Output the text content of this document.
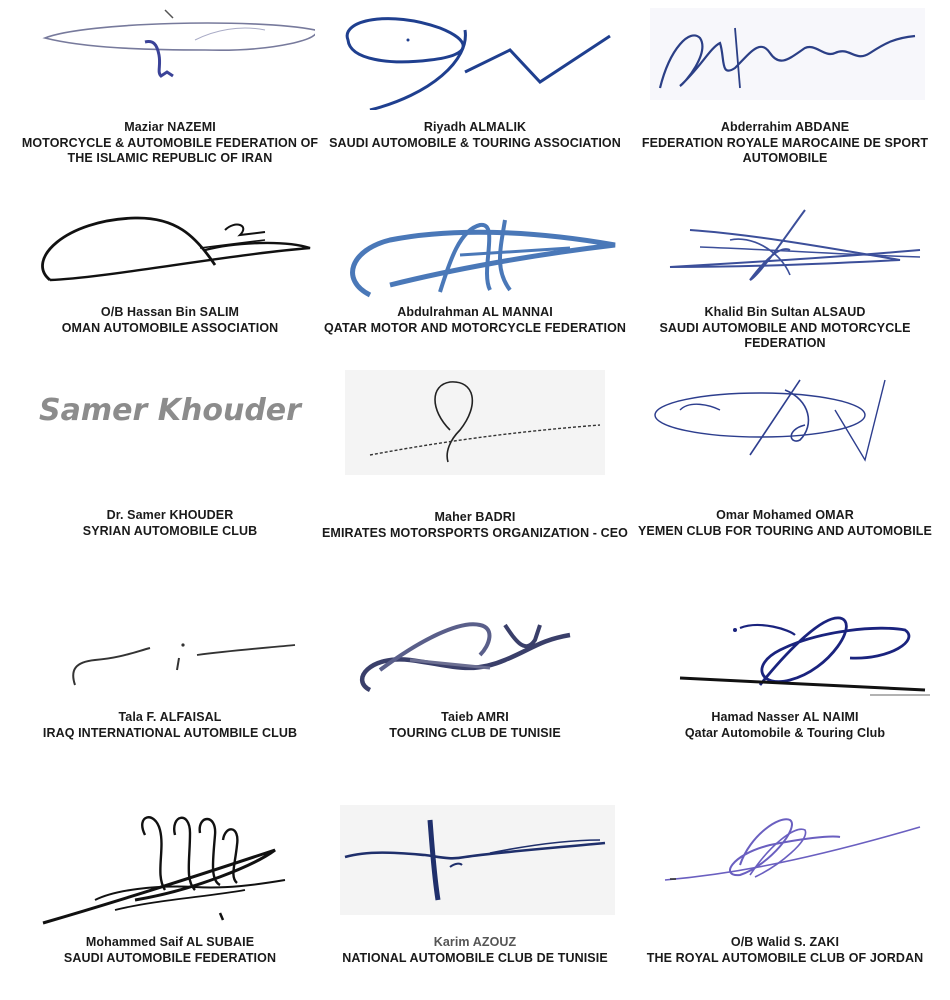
Maziar NAZEMI
MOTORCYCLE & AUTOMOBILE FEDERATION OF THE ISLAMIC REPUBLIC OF IRAN
Riyadh ALMALIK
SAUDI AUTOMOBILE & TOURING ASSOCIATION
Abderrahim ABDANE
FEDERATION ROYALE MAROCAINE DE SPORT AUTOMOBILE
O/B Hassan Bin SALIM
OMAN AUTOMOBILE ASSOCIATION
Abdulrahman AL MANNAI
QATAR MOTOR AND MOTORCYCLE FEDERATION
Khalid Bin Sultan ALSAUD
SAUDI AUTOMOBILE AND MOTORCYCLE FEDERATION
Samer Khouder
Dr. Samer KHOUDER
SYRIAN AUTOMOBILE CLUB
Maher BADRI
EMIRATES MOTORSPORTS ORGANIZATION - CEO
Omar Mohamed OMAR
YEMEN CLUB FOR TOURING AND AUTOMOBILE
Tala F. ALFAISAL
IRAQ INTERNATIONAL AUTOMBILE CLUB
Taieb AMRI
TOURING CLUB DE TUNISIE
Hamad Nasser AL NAIMI
Qatar Automobile & Touring Club
Mohammed Saif AL SUBAIE
SAUDI AUTOMOBILE FEDERATION
Karim AZOUZ
NATIONAL AUTOMOBILE CLUB DE TUNISIE
O/B Walid S. ZAKI
THE ROYAL AUTOMOBILE CLUB OF JORDAN
